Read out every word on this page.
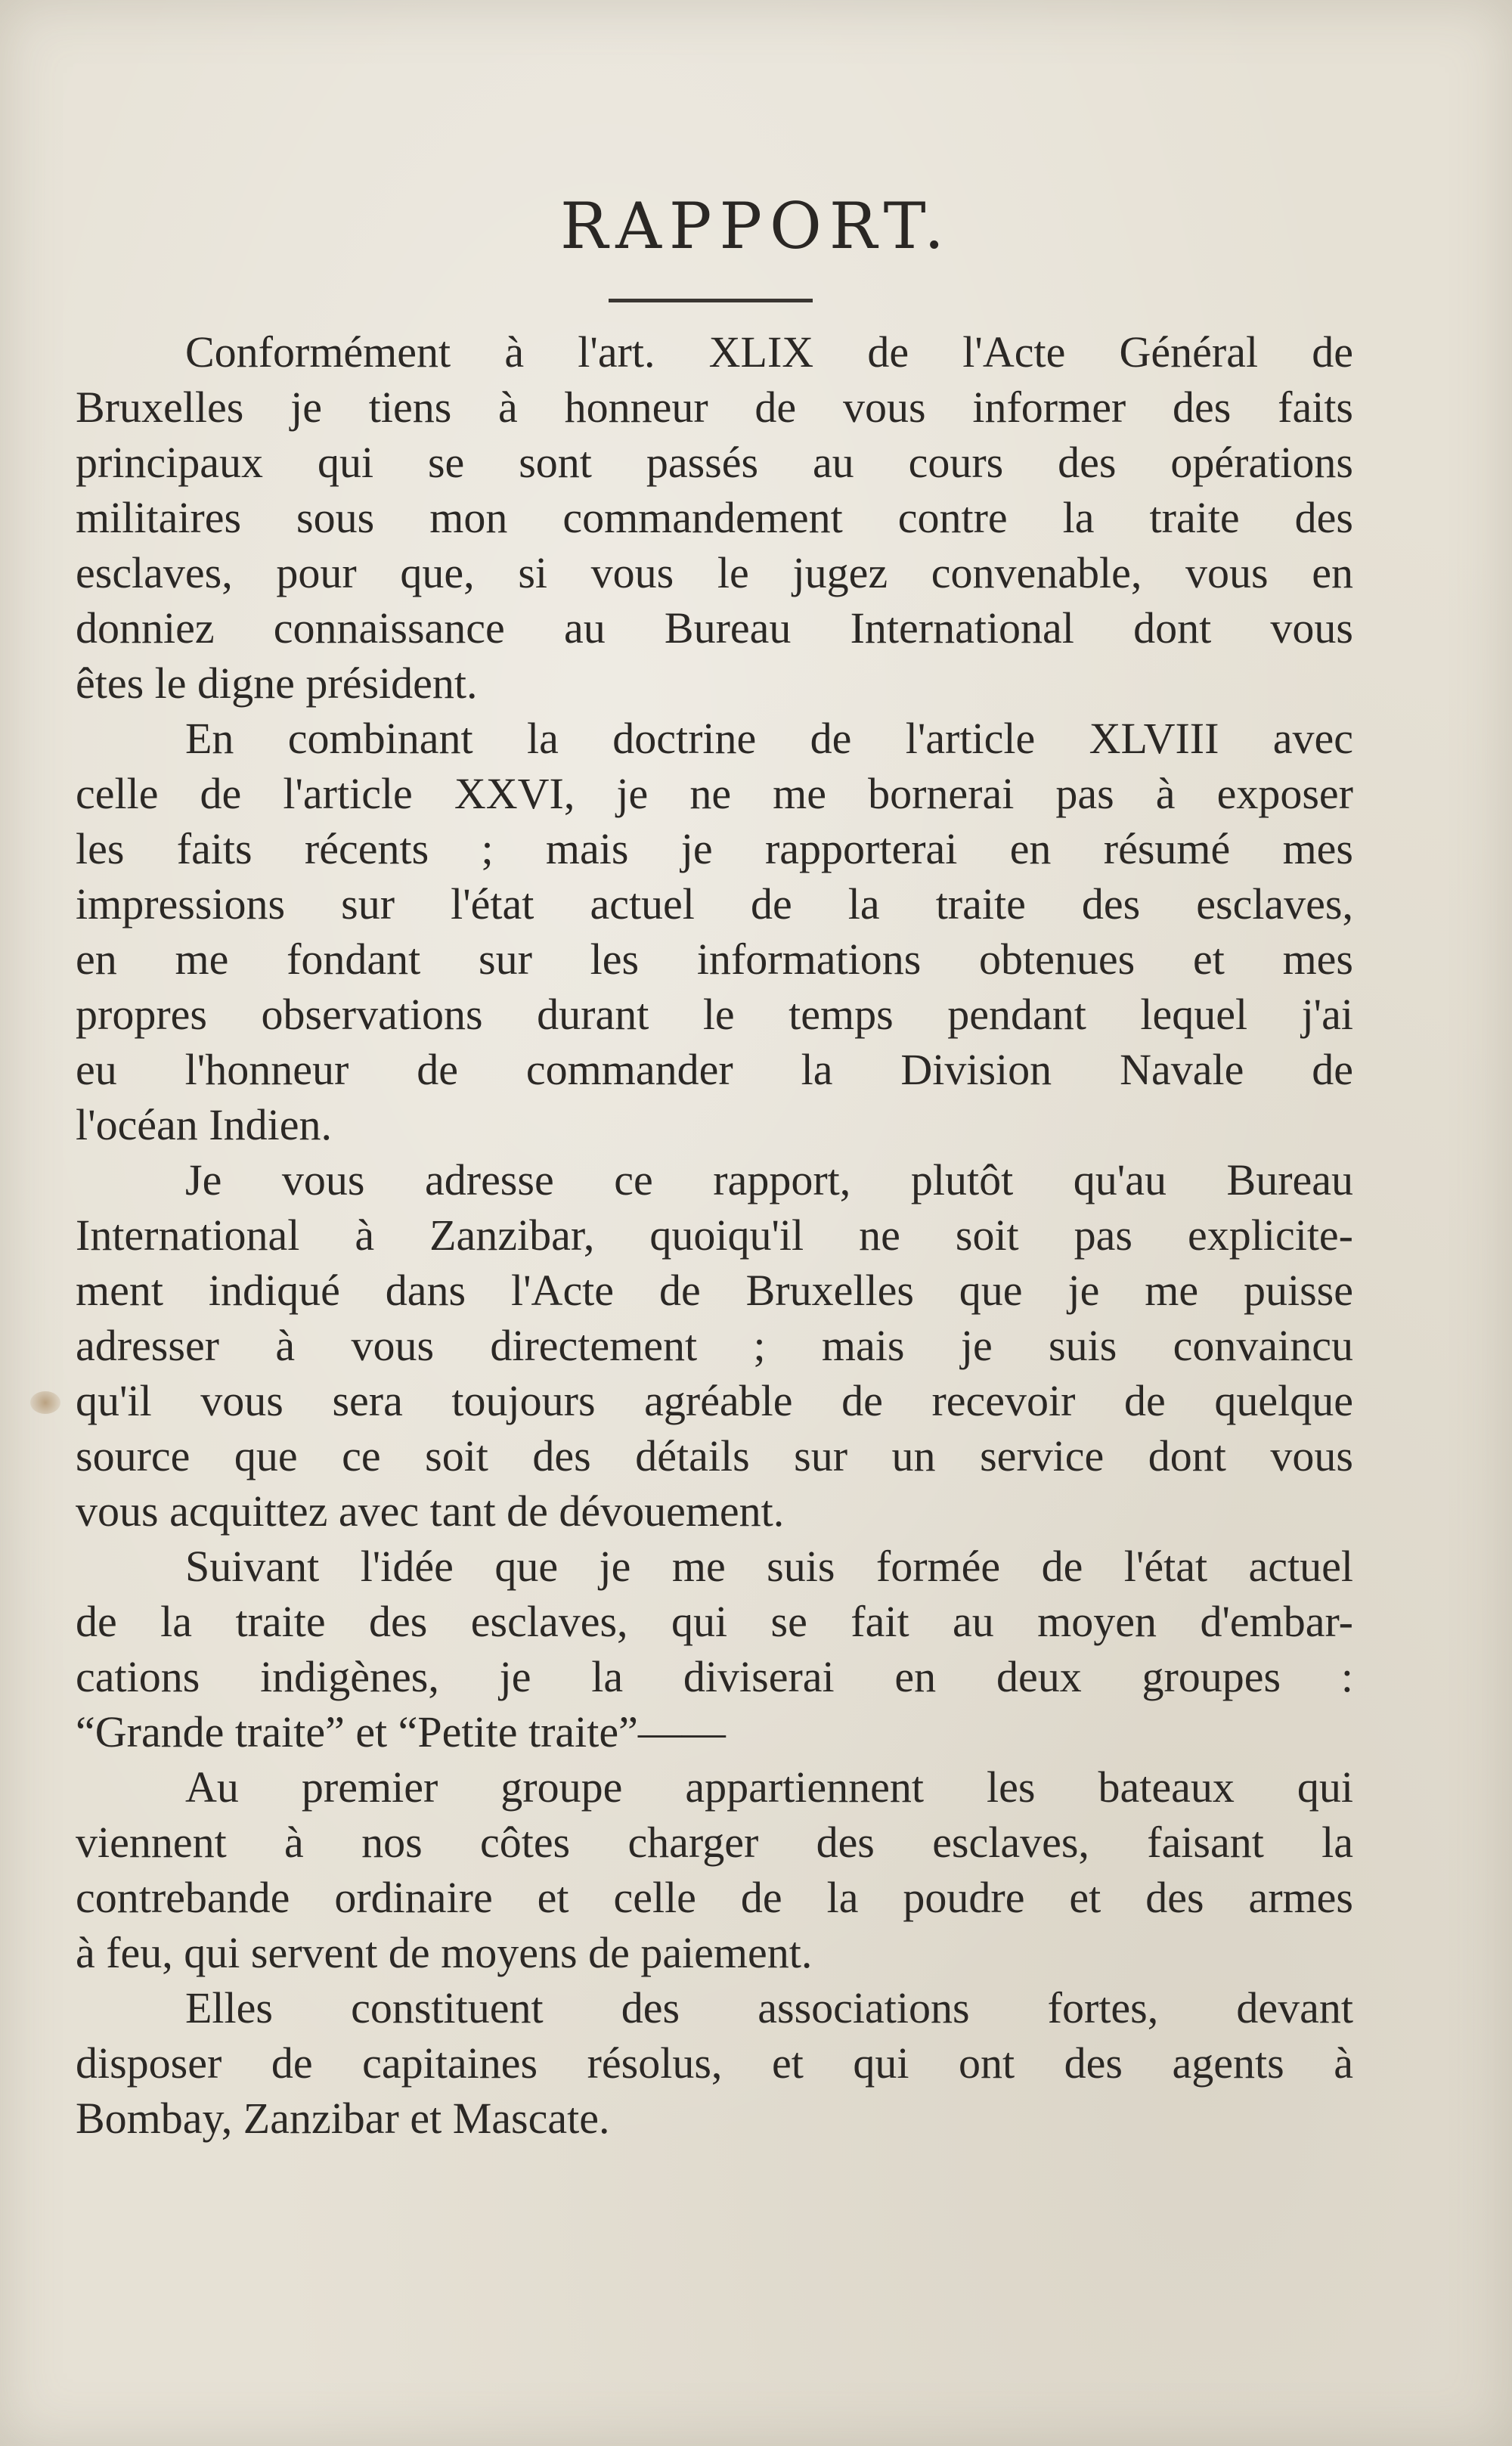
RAPPORT.

Conformément à l'art. XLIX de l'Acte Général de

Bruxelles je tiens à honneur de vous informer des faits

principaux qui se sont passés au cours des opérations

militaires sous mon commandement contre la traite des

esclaves, pour que, si vous le jugez convenable, vous en

donniez connaissance au Bureau International dont vous

êtes le digne président.

En combinant la doctrine de l'article XLVIII avec

celle de l'article XXVI, je ne me bornerai pas à exposer

les faits récents ; mais je rapporterai en résumé mes

impressions sur l'état actuel de la traite des esclaves,

en me fondant sur les informations obtenues et mes

propres observations durant le temps pendant lequel j'ai

eu l'honneur de commander la Division Navale de

l'océan Indien.

Je vous adresse ce rapport, plutôt qu'au Bureau

International à Zanzibar, quoiqu'il ne soit pas explicite-

ment indiqué dans l'Acte de Bruxelles que je me puisse

adresser à vous directement ; mais je suis convaincu

qu'il vous sera toujours agréable de recevoir de quelque

source que ce soit des détails sur un service dont vous

vous acquittez avec tant de dévouement.

Suivant l'idée que je me suis formée de l'état actuel

de la traite des esclaves, qui se fait au moyen d'embar-

cations indigènes, je la diviserai en deux groupes :

“Grande traite” et “Petite traite”——

Au premier groupe appartiennent les bateaux qui

viennent à nos côtes charger des esclaves, faisant la

contrebande ordinaire et celle de la poudre et des armes

à feu, qui servent de moyens de paiement.

Elles constituent des associations fortes, devant

disposer de capitaines résolus, et qui ont des agents à

Bombay, Zanzibar et Mascate.
